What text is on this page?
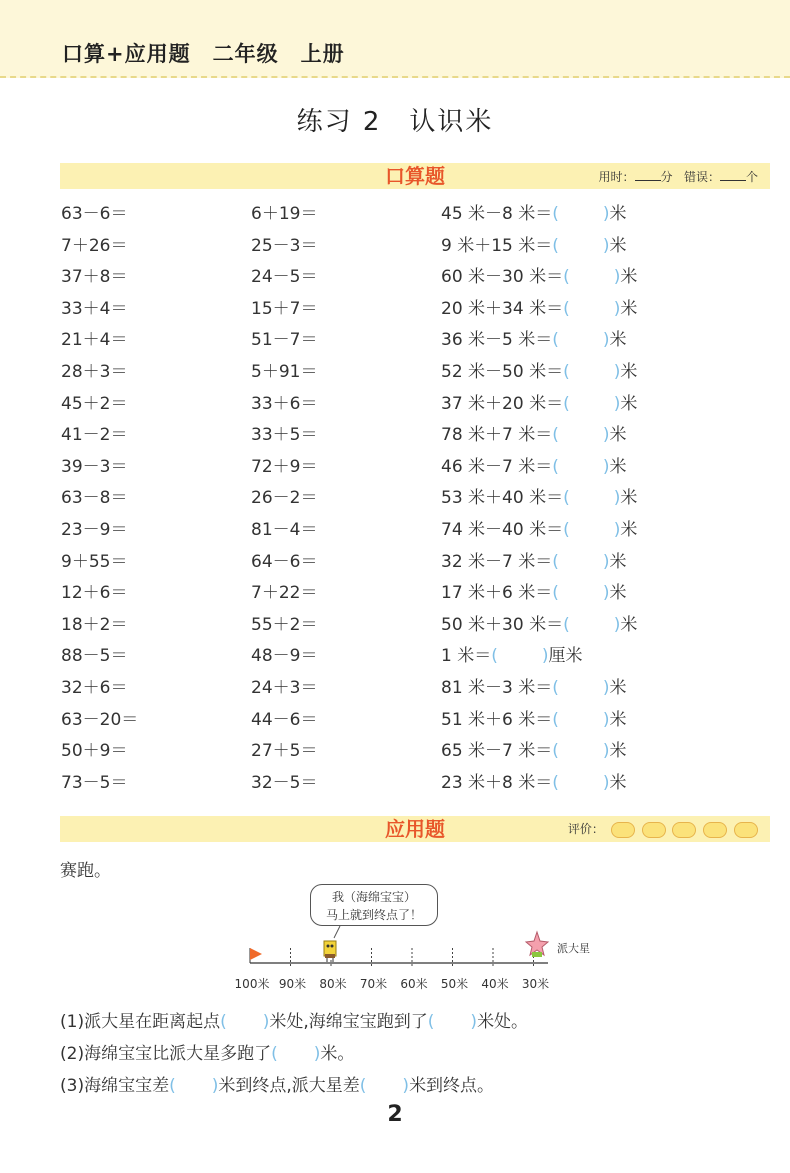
口算+应用题　二年级　上册
练习 2　认识米
口算题	用时： 分 错误： 个
63－6＝	6＋19＝	45 米－8 米＝(	)米
7＋26＝	25－3＝	9 米＋15 米＝(	)米
37＋8＝	24－5＝	60 米－30 米＝(	)米
33＋4＝	15＋7＝	20 米＋34 米＝(	)米
21＋4＝	51－7＝	36 米－5 米＝(	)米
28＋3＝	5＋91＝	52 米－50 米＝(	)米
45＋2＝	33＋6＝	37 米＋20 米＝(	)米
41－2＝	33＋5＝	78 米＋7 米＝(	)米
39－3＝	72＋9＝	46 米－7 米＝(	)米
63－8＝	26－2＝	53 米＋40 米＝(	)米
23－9＝	81－4＝	74 米－40 米＝(	)米
9＋55＝	64－6＝	32 米－7 米＝(	)米
12＋6＝	7＋22＝	17 米＋6 米＝(	)米
18＋2＝	55＋2＝	50 米＋30 米＝(	)米
88－5＝	48－9＝	1 米＝(	)厘米
32＋6＝	24＋3＝	81 米－3 米＝(	)米
63－20＝	44－6＝	51 米＋6 米＝(	)米
50＋9＝	27＋5＝	65 米－7 米＝(	)米
73－5＝	32－5＝	23 米＋8 米＝(	)米
应用题	评价：
赛跑。
我（海绵宝宝）
马上就到终点了！
派大星
100米 90米	80米	70米	60米	50米	40米	30米
(1)派大星在距离起点( )米处,海绵宝宝跑到了( )米处。
(2)海绵宝宝比派大星多跑了( )米。
(3)海绵宝宝差( )米到终点,派大星差( )米到终点。
2
